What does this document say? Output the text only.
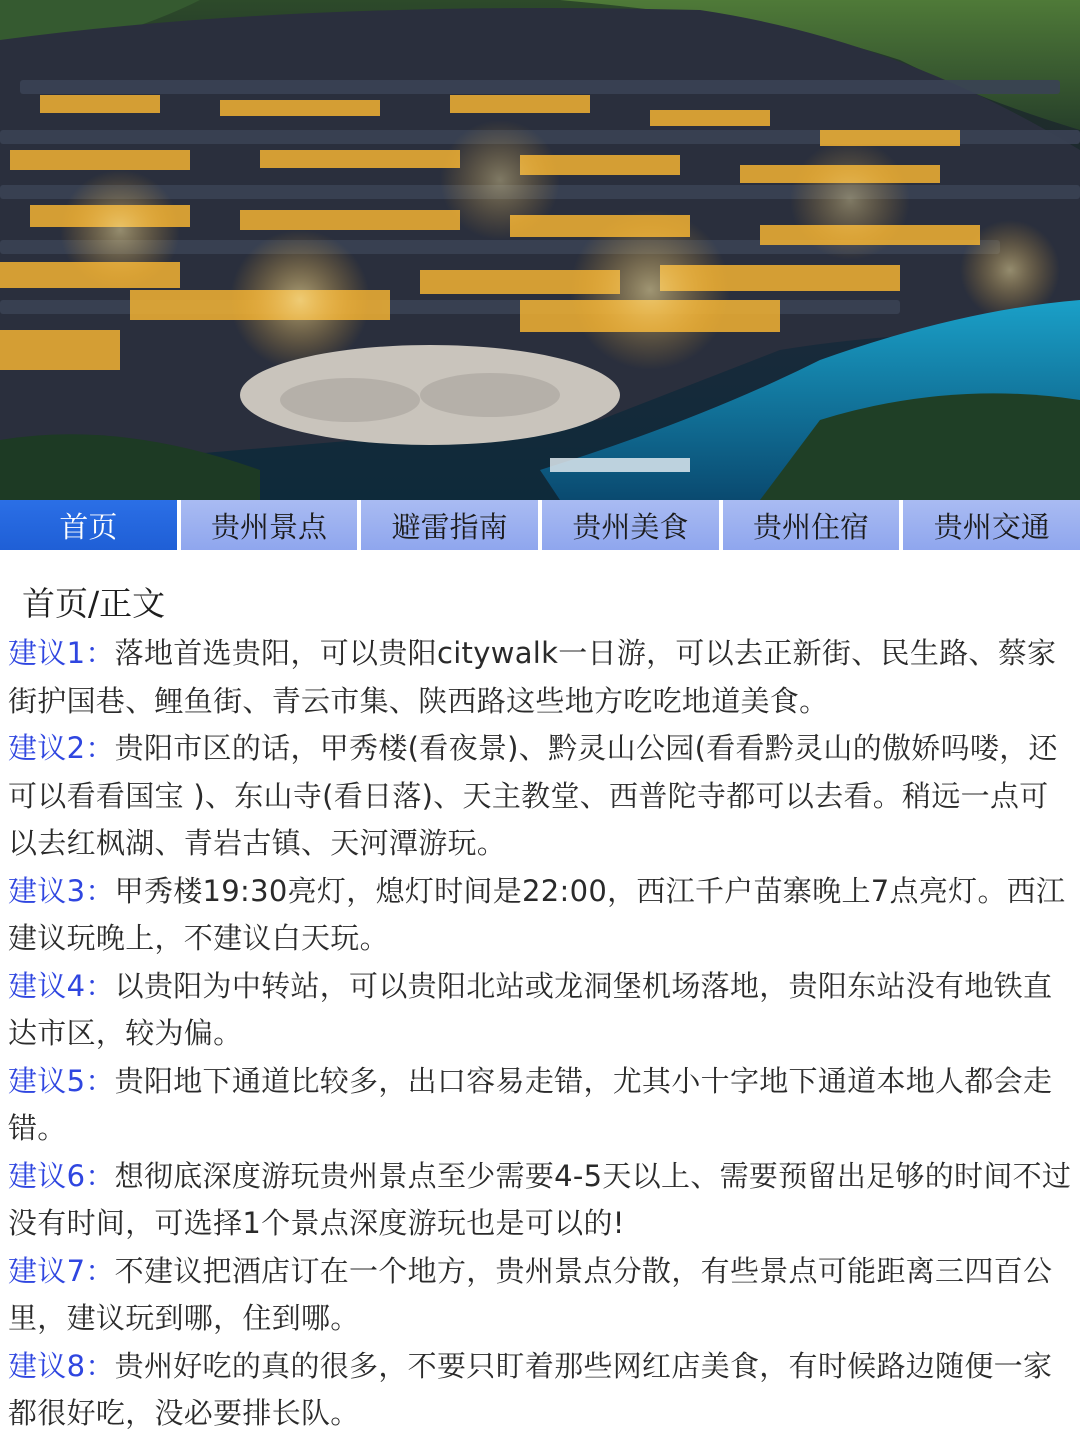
首页	贵州景点	避雷指南	贵州美食	贵州住宿	贵州交通
首页/正文

建议1：落地首选贵阳，可以贵阳citywalk一日游，可以去正新街、民生路、蔡家街护国巷、鲤鱼街、青云市集、陕西路这些地方吃吃地道美食。

建议2：贵阳市区的话，甲秀楼(看夜景)、黔灵山公园(看看黔灵山的傲娇吗喽，还可以看看国宝 )、东山寺(看日落)、天主教堂、西普陀寺都可以去看。稍远一点可以去红枫湖、青岩古镇、天河潭游玩。

建议3：甲秀楼19:30亮灯，熄灯时间是22:00，西江千户苗寨晚上7点亮灯。西江建议玩晚上，不建议白天玩。

建议4：以贵阳为中转站，可以贵阳北站或龙洞堡机场落地，贵阳东站没有地铁直达市区，较为偏。

建议5：贵阳地下通道比较多，出口容易走错，尤其小十字地下通道本地人都会走错。

建议6：想彻底深度游玩贵州景点至少需要4-5天以上、需要预留出足够的时间不过没有时间，可选择1个景点深度游玩也是可以的!

建议7：不建议把酒店订在一个地方，贵州景点分散，有些景点可能距离三四百公里，建议玩到哪，住到哪。

建议8：贵州好吃的真的很多，不要只盯着那些网红店美食，有时候路边随便一家都很好吃，没必要排长队。
